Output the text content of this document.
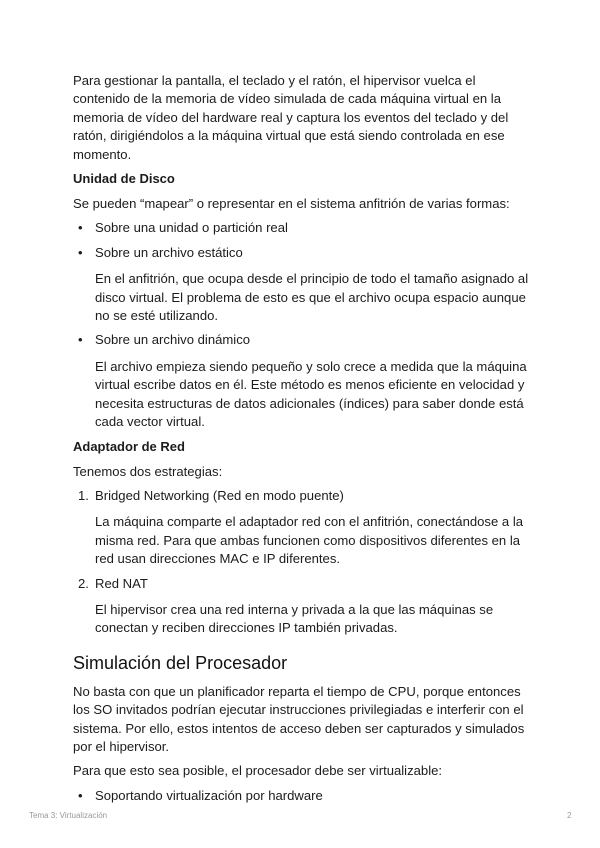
Para gestionar la pantalla, el teclado y el ratón, el hipervisor vuelca el contenido de la memoria de vídeo simulada de cada máquina virtual en la memoria de vídeo del hardware real y captura los eventos del teclado y del ratón, dirigiéndolos a la máquina virtual que está siendo controlada en ese momento.

Unidad de Disco

Se pueden “mapear” o representar en el sistema anfitrión de varias formas:

• Sobre una unidad o partición real
• Sobre un archivo estático
En el anfitrión, que ocupa desde el principio de todo el tamaño asignado al disco virtual. El problema de esto es que el archivo ocupa espacio aunque no se esté utilizando.
• Sobre un archivo dinámico
El archivo empieza siendo pequeño y solo crece a medida que la máquina virtual escribe datos en él. Este método es menos eficiente en velocidad y necesita estructuras de datos adicionales (índices) para saber donde está cada vector virtual.

Adaptador de Red

Tenemos dos estrategias:

1. Bridged Networking (Red en modo puente)
La máquina comparte el adaptador red con el anfitrión, conectándose a la misma red. Para que ambas funcionen como dispositivos diferentes en la red usan direcciones MAC e IP diferentes.
2. Red NAT
El hipervisor crea una red interna y privada a la que las máquinas se conectan y reciben direcciones IP también privadas.
Simulación del Procesador

No basta con que un planificador reparta el tiempo de CPU, porque entonces los SO invitados podrían ejecutar instrucciones privilegiadas e interferir con el sistema. Por ello, estos intentos de acceso deben ser capturados y simulados por el hipervisor.

Para que esto sea posible, el procesador debe ser virtualizable:

• Soportando virtualización por hardware
Tema 3: Virtualización	2
